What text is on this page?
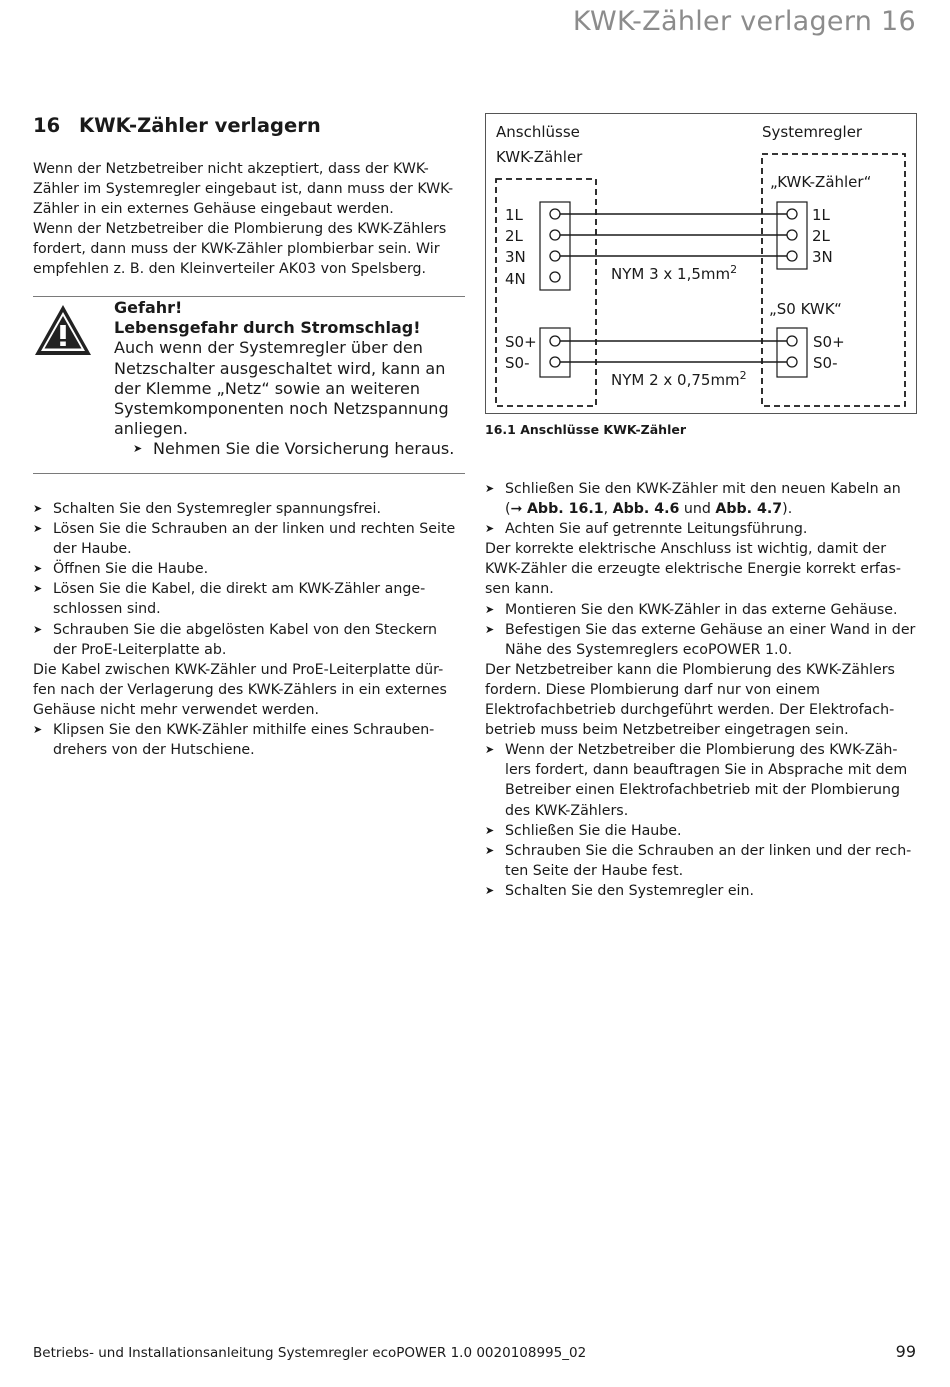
KWK-Zähler verlagern 16
16 KWK-Zähler verlagern

Wenn der Netzbetreiber nicht akzeptiert, dass der KWK-

Zähler im Systemregler eingebaut ist, dann muss der KWK-

Zähler in ein externes Gehäuse eingebaut werden.

Wenn der Netzbetreiber die Plombierung des KWK-Zählers

fordert, dann muss der KWK-Zähler plombierbar sein. Wir

empfehlen z. B. den Kleinverteiler AK03 von Spelsberg.

Gefahr!
Lebensgefahr durch Stromschlag!
Auch wenn der Systemregler über den
Netzschalter ausgeschaltet wird, kann an
der Klemme „Netz“ sowie an weiteren
Systemkomponenten noch Netzspannung
anliegen.
➤ Nehmen Sie die Vorsicherung heraus.
➤ Schalten Sie den Systemregler spannungsfrei.
➤ Lösen Sie die Schrauben an der linken und rechten Seite
der Haube.
➤ Öffnen Sie die Haube.
➤ Lösen Sie die Kabel, die direkt am KWK-Zähler ange-
schlossen sind.
➤ Schrauben Sie die abgelösten Kabel von den Steckern
der ProE-Leiterplatte ab.

Die Kabel zwischen KWK-Zähler und ProE-Leiterplatte dür-

fen nach der Verlagerung des KWK-Zählers in ein externes

Gehäuse nicht mehr verwendet werden.

➤ Klipsen Sie den KWK-Zähler mithilfe eines Schrauben-
drehers von der Hutschiene.
Anschlüsse
KWK-Zähler
Systemregler
„KWK-Zähler“
„S0 KWK“
1L
2L
3N
4N
1L
2L
3N
S0+
S0-
S0+
S0-
NYM 3 x $1,5mm^2$
NYM 2 x $0,75mm^2$
16.1 Anschlüsse KWK-Zähler
➤ Schließen Sie den KWK-Zähler mit den neuen Kabeln an
(➞ Abb. 16.1, Abb. 4.6 und Abb. 4.7).
➤ Achten Sie auf getrennte Leitungsführung.

Der korrekte elektrische Anschluss ist wichtig, damit der

KWK-Zähler die erzeugte elektrische Energie korrekt erfas-

sen kann.

➤ Montieren Sie den KWK-Zähler in das externe Gehäuse.
➤ Befestigen Sie das externe Gehäuse an einer Wand in der
Nähe des Systemreglers ecoPOWER 1.0.

Der Netzbetreiber kann die Plombierung des KWK-Zählers

fordern. Diese Plombierung darf nur von einem

Elektrofachbetrieb durchgeführt werden. Der Elektrofach-

betrieb muss beim Netzbetreiber eingetragen sein.

➤ Wenn der Netzbetreiber die Plombierung des KWK-Zäh-
lers fordert, dann beauftragen Sie in Absprache mit dem
Betreiber einen Elektrofachbetrieb mit der Plombierung
des KWK-Zählers.
➤ Schließen Sie die Haube.
➤ Schrauben Sie die Schrauben an der linken und der rech-
ten Seite der Haube fest.
➤ Schalten Sie den Systemregler ein.
Betriebs- und Installationsanleitung Systemregler ecoPOWER 1.0 0020108995_02	99
